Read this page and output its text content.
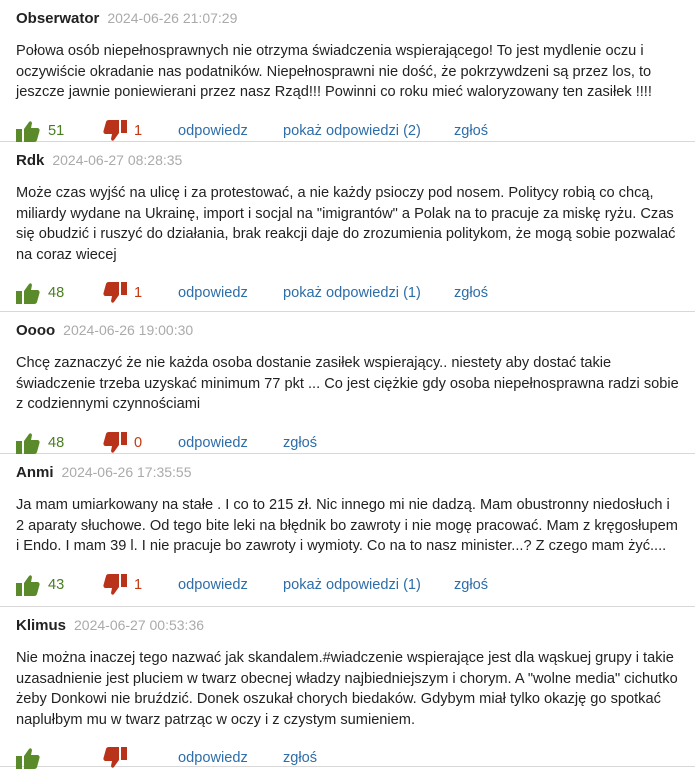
Obserwator 2024-06-26 21:07:29
Połowa osób niepełnosprawnych nie otrzyma świadczenia wspierającego! To jest mydlenie oczu i oczywiście okradanie nas podatników. Niepełnosprawni nie dość, że pokrzywdzeni są przez los, to jeszcze jawnie poniewierani przez nasz Rząd!!! Powinni co roku mieć waloryzowany ten zasiłek !!!!
51	1 odpowiedz pokaż odpowiedzi (2) zgłoś
Rdk 2024-06-27 08:28:35
Może czas wyjść na ulicę i za protestować, a nie każdy psioczy pod nosem. Politycy robią co chcą, miliardy wydane na Ukrainę, import i socjal na "imigrantów" a Polak na to pracuje za miskę ryżu. Czas się obudzić i ruszyć do działania, brak reakcji daje do zrozumienia politykom, że mogą sobie pozwalać na coraz wiecej
48	1 odpowiedz pokaż odpowiedzi (1) zgłoś
Oooo 2024-06-26 19:00:30
Chcę zaznaczyć że nie każda osoba dostanie zasiłek wspierający.. niestety aby dostać takie świadczenie trzeba uzyskać minimum 77 pkt ... Co jest ciężkie gdy osoba niepełnosprawna radzi sobie z codziennymi czynnościami
48	0 odpowiedz zgłoś
Anmi 2024-06-26 17:35:55
Ja mam umiarkowany na stałe . I co to 215 zł. Nic innego mi nie dadzą. Mam obustronny niedosłuch i 2 aparaty słuchowe. Od tego bite leki na błędnik bo zawroty i nie mogę pracować. Mam z kręgosłupem i Endo. I mam 39 l. I nie pracuje bo zawroty i wymioty. Co na to nasz minister...? Z czego mam żyć....
43	1 odpowiedz pokaż odpowiedzi (1) zgłoś
Klimus 2024-06-27 00:53:36
Nie można inaczej tego nazwać jak skandalem.#wiadczenie wspierające jest dla wąskuej grupy i takie uzasadnienie jest pluciem w twarz obecnej władzy najbiedniejszym i chorym. A "wolne media" cichutko żeby Donkowi nie bruździć. Donek oszukał chorych biedaków. Gdybym miał tylko okazję go spotkać naplułbym mu w twarz patrząc w oczy i z czystym sumieniem.
odpowiedz zgłoś
